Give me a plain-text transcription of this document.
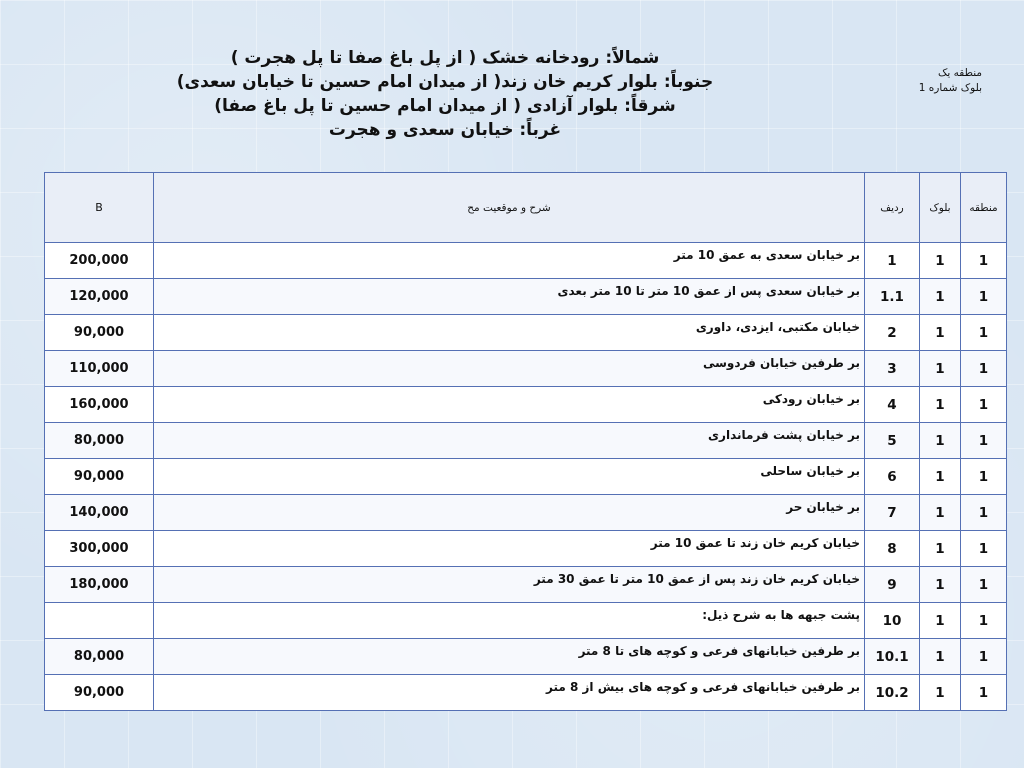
شمالاً: رودخانه خشک ( از پل باغ صفا تا پل هجرت )
جنوباً: بلوار کریم خان زند( از میدان امام حسین تا خیابان سعدی)
شرقاً: بلوار آزادی ( از میدان امام حسین تا پل باغ صفا)
غرباً: خیابان سعدی و هجرت
منطقه یک
بلوک شماره 1
B	شرح و موقعیت مح	ردیف	بلوک	منطقه
200,000	بر خیابان سعدی به عمق 10 متر	1	1	1
120,000	بر خیابان سعدی پس از عمق 10 متر تا 10 متر بعدی	1.1	1	1
90,000	خیابان مکتبی، ایزدی، داوری	2	1	1
110,000	بر طرفین خیابان فردوسی	3	1	1
160,000	بر خیابان رودکی	4	1	1
80,000	بر خیابان پشت فرمانداری	5	1	1
90,000	بر خیابان ساحلی	6	1	1
140,000	بر خیابان حر	7	1	1
300,000	خیابان کریم خان زند تا عمق 10 متر	8	1	1
180,000	خیابان کریم خان زند پس از عمق 10 متر تا عمق 30 متر	9	1	1

	پشت جبهه ها به شرح ذیل:	10	1	1
80,000	بر طرفین خیابانهای فرعی و کوچه های تا 8 متر	10.1	1	1
90,000	بر طرفین خیابانهای فرعی و کوچه های بیش از 8 متر	10.2	1	1
